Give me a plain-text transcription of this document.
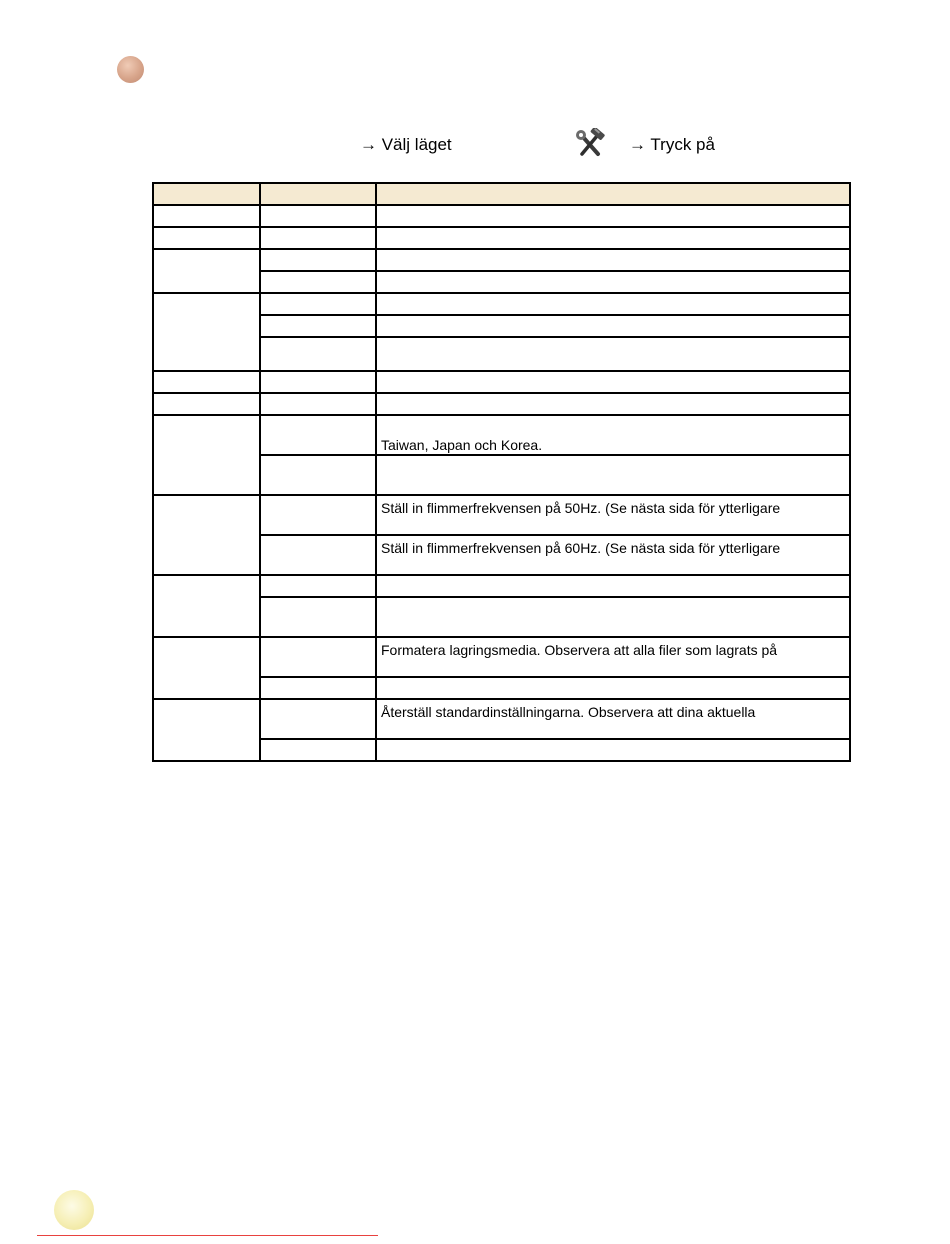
→ Välj läget	→ Tryck på

		Taiwan, Japan och Korea.

		Ställ in flimmerfrekvensen på 50Hz. (Se nästa sida för ytterligare
		Ställ in flimmerfrekvensen på 60Hz. (Se nästa sida för ytterligare

		Formatera lagringsmedia. Observera att alla filer som lagrats på

		Återställ standardinställningarna. Observera att dina aktuella
